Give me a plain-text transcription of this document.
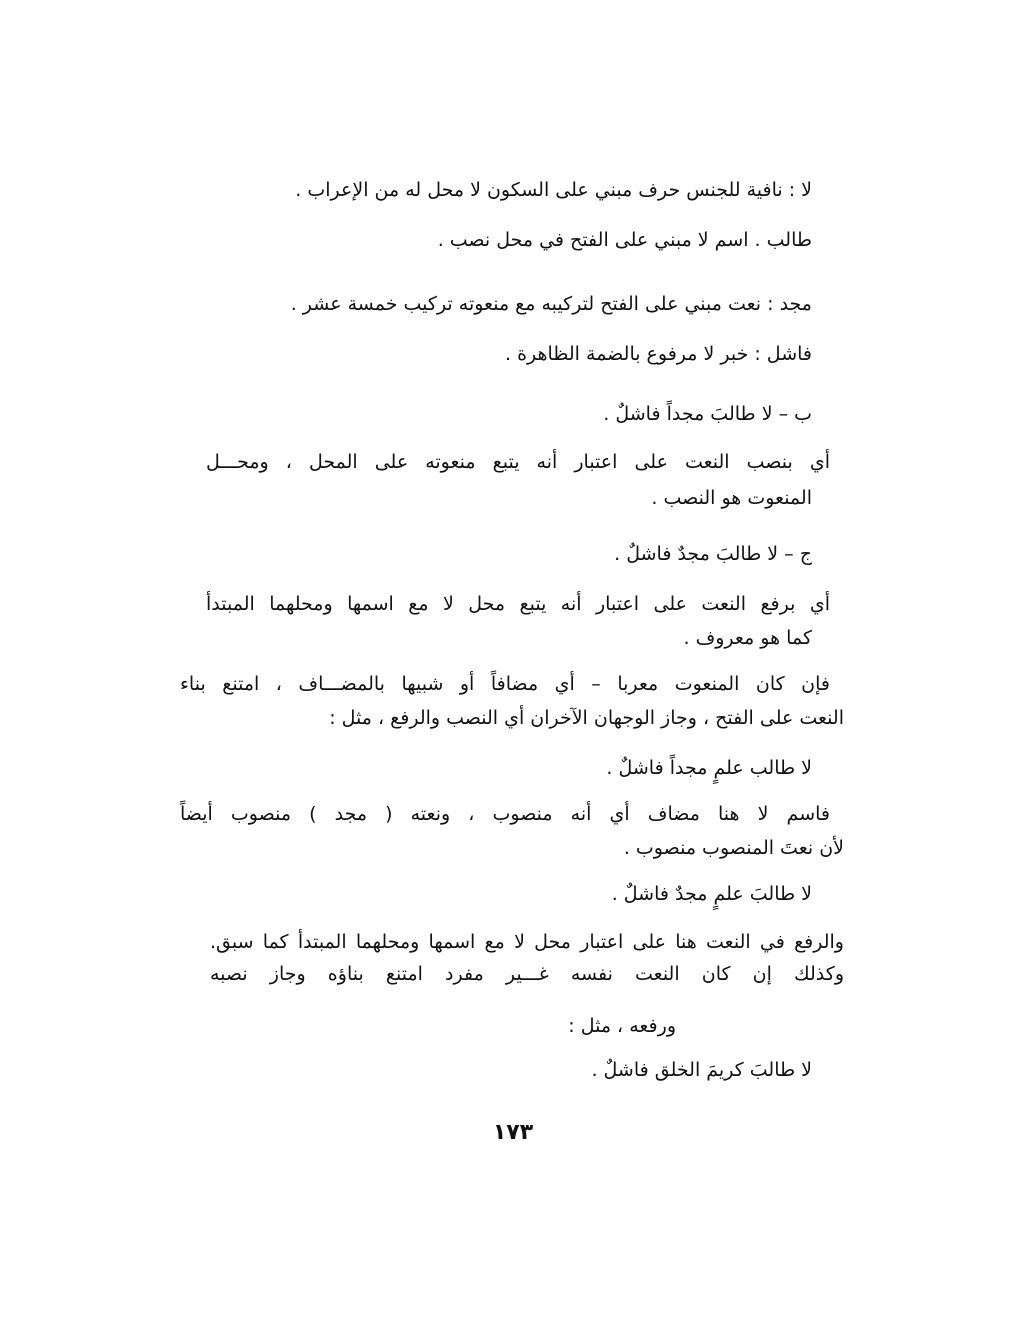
لا : نافية للجنس حرف مبني على السكون لا محل له من الإعراب .
طالب . اسم لا مبني على الفتح في محل نصب .
مجد : نعت مبني على الفتح لتركيبه مع منعوته تركيب خمسة عشر .
فاشل : خبر لا مرفوع بالضمة الظاهرة .
ب – لا طالبَ مجداً فاشلٌ .
أي بنصب النعت على اعتبار أنه يتبع منعوته على المحل ، ومحـــل
المنعوت هو النصب .
ج – لا طالبَ مجدٌ فاشلٌ .
أي برفع النعت على اعتبار أنه يتبع محل لا مع اسمها ومحلهما المبتدأ
كما هو معروف .
فإن كان المنعوت معربا – أي مضافاً أو شبيها بالمضـــاف ، امتنع بناء
النعت على الفتح ، وجاز الوجهان الآخران أي النصب والرفع ، مثل :
لا طالب علمٍ مجداً فاشلٌ .
فاسم لا هنا مضاف أي أنه منصوب ، ونعته ( مجد ) منصوب أيضاً
لأن نعتَ المنصوب منصوب .
لا طالبَ علمٍ مجدٌ فاشلٌ .
والرفع في النعت هنا على اعتبار محل لا مع اسمها ومحلهما المبتدأ كما سبق.
وكذلك إن كان النعت نفسه غـــير مفرد امتنع بناؤه وجاز نصبه
ورفعه ، مثل :
لا طالبَ كريمَ الخلق فاشلٌ .
١٧٣
